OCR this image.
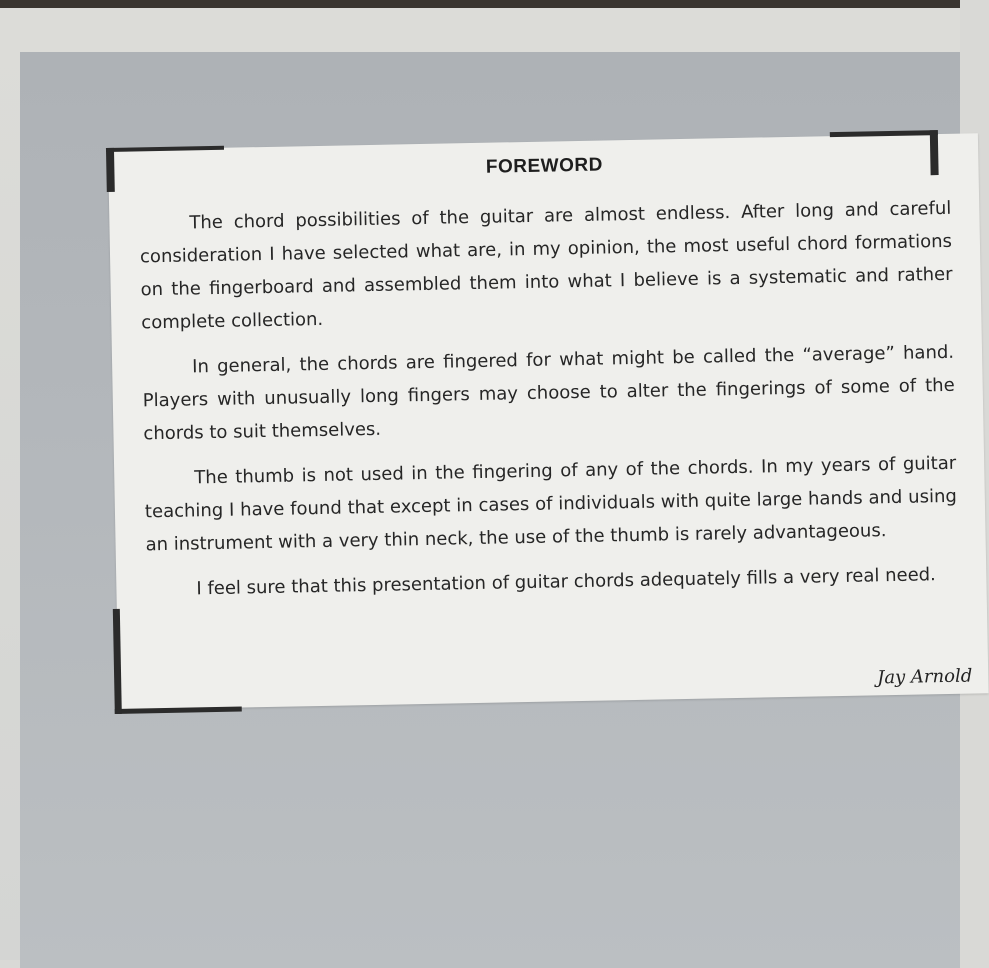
FOREWORD

The chord possibilities of the guitar are almost endless. After long and careful consideration I have selected what are, in my opinion, the most useful chord formations on the fingerboard and assembled them into what I believe is a systematic and rather complete collection.

In general, the chords are fingered for what might be called the “average” hand. Players with unusually long fingers may choose to alter the fingerings of some of the chords to suit themselves.

The thumb is not used in the fingering of any of the chords. In my years of guitar teaching I have found that except in cases of individuals with quite large hands and using an instrument with a very thin neck, the use of the thumb is rarely advantageous.

I feel sure that this presentation of guitar chords adequately fills a very real need.

Jay Arnold
